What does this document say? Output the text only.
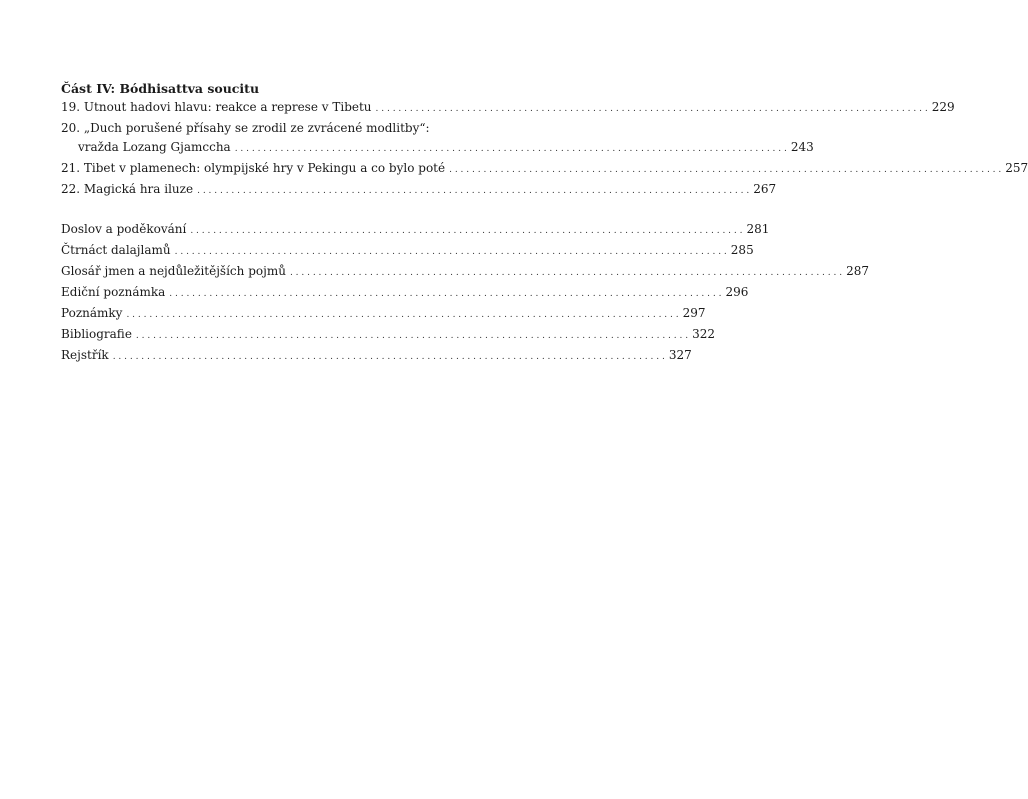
Část IV: Bódhisattva soucitu
19. Utnout hadovi hlavu: reakce a represe v Tibetu . . .	229
20. „Duch porušené přísahy se zrodil ze zvrácené modlitby“:
vražda Lozang Gjamccha . . .	243
21. Tibet v plamenech: olympijské hry v Pekingu a co bylo poté . . .	257
22. Magická hra iluze . . .	267
Doslov a poděkování . . .	281
Čtrnáct dalajlamů . . .	285
Glosář jmen a nejdůležitějších pojmů . . .	287
Ediční poznámka . . .	296
Poznámky . . .	297
Bibliografie . . .	322
Rejstřík . . .	327
